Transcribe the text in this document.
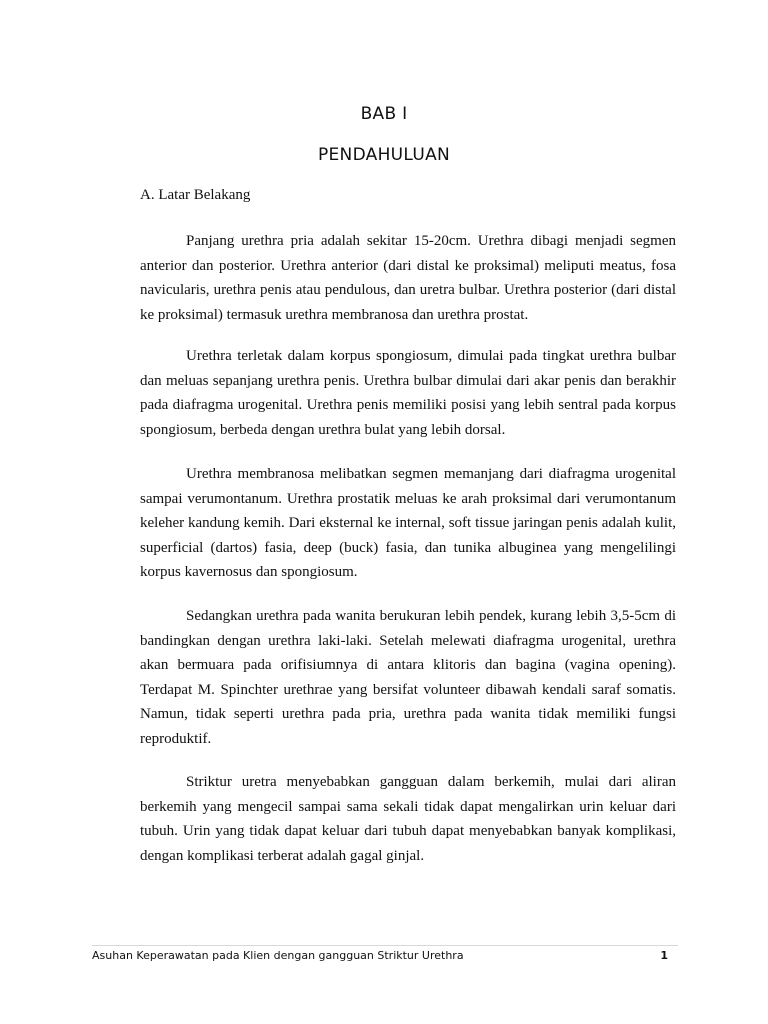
BAB I
PENDAHULUAN
A. Latar Belakang

Panjang urethra pria adalah sekitar 15-20cm. Urethra dibagi menjadi segmen anterior dan posterior. Urethra anterior (dari distal ke proksimal) meliputi meatus, fosa navicularis, urethra penis atau pendulous, dan uretra bulbar. Urethra posterior (dari distal ke proksimal) termasuk urethra membranosa dan urethra prostat.

Urethra terletak dalam korpus spongiosum, dimulai pada tingkat urethra bulbar dan meluas sepanjang urethra penis. Urethra bulbar dimulai dari akar penis dan berakhir pada diafragma urogenital. Urethra penis memiliki posisi yang lebih sentral pada korpus spongiosum, berbeda dengan urethra bulat yang lebih dorsal.

Urethra membranosa melibatkan segmen memanjang dari diafragma urogenital sampai verumontanum. Urethra prostatik meluas ke arah proksimal dari verumontanum keleher kandung kemih. Dari eksternal ke internal, soft tissue jaringan penis adalah kulit, superficial (dartos) fasia, deep (buck) fasia, dan tunika albuginea yang mengelilingi korpus kavernosus dan spongiosum.

Sedangkan urethra pada wanita berukuran lebih pendek, kurang lebih 3,5-5cm di bandingkan dengan urethra laki-laki. Setelah melewati diafragma urogenital, urethra akan bermuara pada orifisiumnya di antara klitoris dan bagina (vagina opening). Terdapat M. Spinchter urethrae yang bersifat volunteer dibawah kendali saraf somatis. Namun, tidak seperti urethra pada pria, urethra pada wanita tidak memiliki fungsi reproduktif.

Striktur uretra menyebabkan gangguan dalam berkemih, mulai dari aliran berkemih yang mengecil sampai sama sekali tidak dapat mengalirkan urin keluar dari tubuh. Urin yang tidak dapat keluar dari tubuh dapat menyebabkan banyak komplikasi, dengan komplikasi terberat adalah gagal ginjal.

Asuhan Keperawatan pada Klien dengan gangguan Striktur Urethra	1
